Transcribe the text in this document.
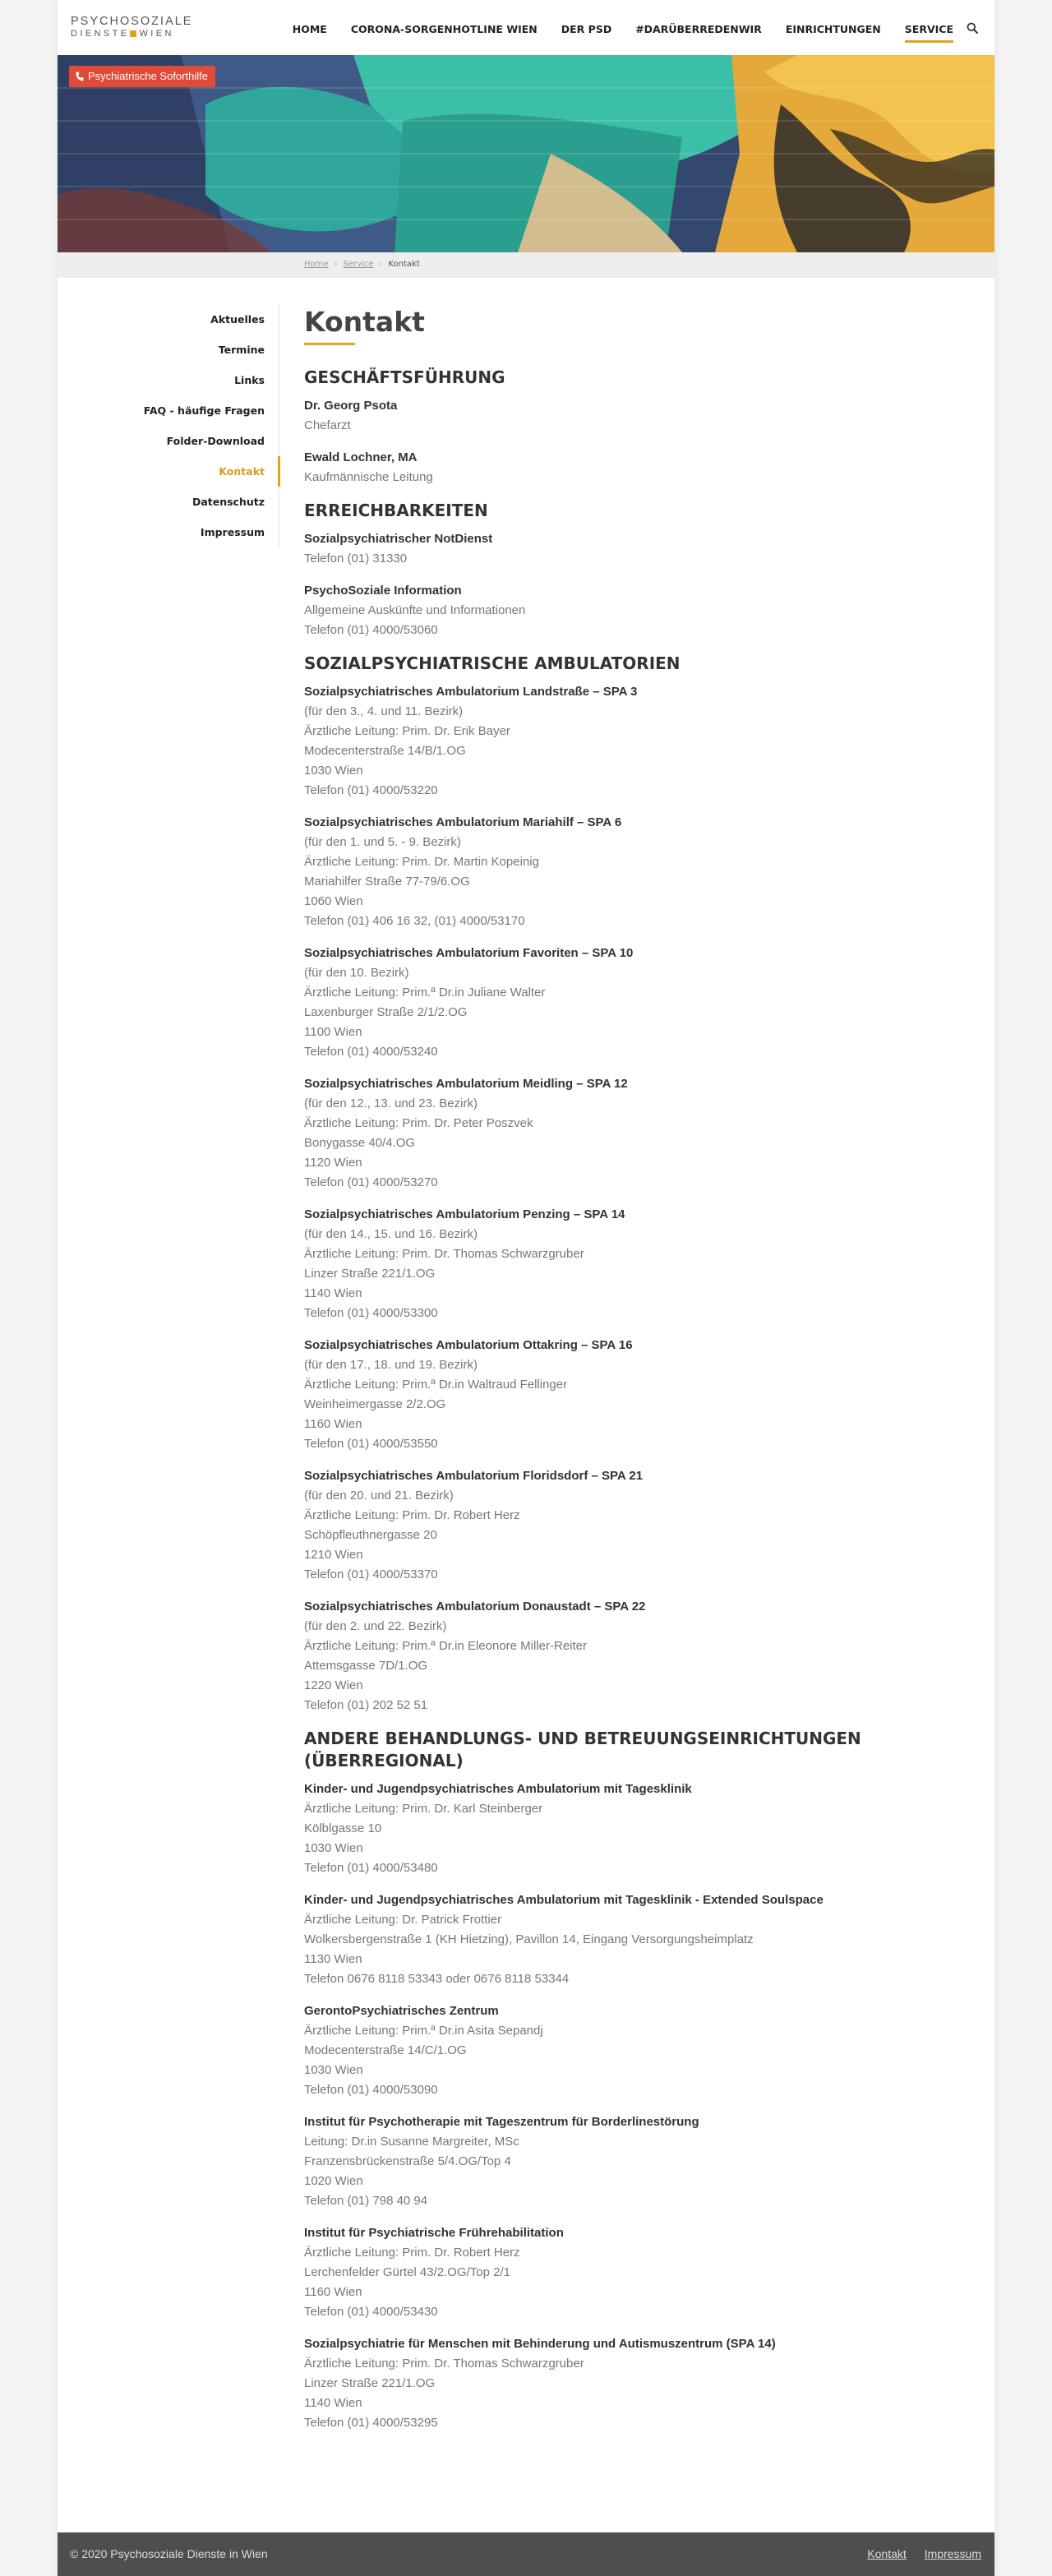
PSYCHOSOZIALE
DIENSTE WIEN	HOME CORONA-SORGENHOTLINE WIEN DER PSD #DARÜBERREDENWIR EINRICHTUNGEN SERVICE
Psychiatrische Soforthilfe
Home › Service › Kontakt
Aktuelles
Termine
Links
FAQ - häufige Fragen
Folder-Download
Kontakt
Datenschutz
Impressum
Kontakt
GESCHÄFTSFÜHRUNG
Dr. Georg Psota
Chefarzt
Ewald Lochner, MA
Kaufmännische Leitung
ERREICHBARKEITEN
Sozialpsychiatrischer NotDienst
Telefon (01) 31330
PsychoSoziale Information
Allgemeine Auskünfte und Informationen
Telefon (01) 4000/53060
SOZIALPSYCHIATRISCHE AMBULATORIEN
Sozialpsychiatrisches Ambulatorium Landstraße – SPA 3
(für den 3., 4. und 11. Bezirk)
Ärztliche Leitung: Prim. Dr. Erik Bayer
Modecenterstraße 14/B/1.OG
1030 Wien
Telefon (01) 4000/53220
Sozialpsychiatrisches Ambulatorium Mariahilf – SPA 6
(für den 1. und 5. - 9. Bezirk)
Ärztliche Leitung: Prim. Dr. Martin Kopeinig
Mariahilfer Straße 77-79/6.OG
1060 Wien
Telefon (01) 406 16 32, (01) 4000/53170
Sozialpsychiatrisches Ambulatorium Favoriten – SPA 10
(für den 10. Bezirk)
Ärztliche Leitung: Prim.ª Dr.in Juliane Walter
Laxenburger Straße 2/1/2.OG
1100 Wien
Telefon (01) 4000/53240
Sozialpsychiatrisches Ambulatorium Meidling – SPA 12
(für den 12., 13. und 23. Bezirk)
Ärztliche Leitung: Prim. Dr. Peter Poszvek
Bonygasse 40/4.OG
1120 Wien
Telefon (01) 4000/53270
Sozialpsychiatrisches Ambulatorium Penzing – SPA 14
(für den 14., 15. und 16. Bezirk)
Ärztliche Leitung: Prim. Dr. Thomas Schwarzgruber
Linzer Straße 221/1.OG
1140 Wien
Telefon (01) 4000/53300
Sozialpsychiatrisches Ambulatorium Ottakring – SPA 16
(für den 17., 18. und 19. Bezirk)
Ärztliche Leitung: Prim.ª Dr.in Waltraud Fellinger
Weinheimergasse 2/2.OG
1160 Wien
Telefon (01) 4000/53550
Sozialpsychiatrisches Ambulatorium Floridsdorf – SPA 21
(für den 20. und 21. Bezirk)
Ärztliche Leitung: Prim. Dr. Robert Herz
Schöpfleuthnergasse 20
1210 Wien
Telefon (01) 4000/53370
Sozialpsychiatrisches Ambulatorium Donaustadt – SPA 22
(für den 2. und 22. Bezirk)
Ärztliche Leitung: Prim.ª Dr.in Eleonore Miller-Reiter
Attemsgasse 7D/1.OG
1220 Wien
Telefon (01) 202 52 51
ANDERE BEHANDLUNGS- UND BETREUUNGSEINRICHTUNGEN (ÜBERREGIONAL)
Kinder- und Jugendpsychiatrisches Ambulatorium mit Tagesklinik
Ärztliche Leitung: Prim. Dr. Karl Steinberger
Kölblgasse 10
1030 Wien
Telefon (01) 4000/53480
Kinder- und Jugendpsychiatrisches Ambulatorium mit Tagesklinik - Extended Soulspace
Ärztliche Leitung: Dr. Patrick Frottier
Wolkersbergenstraße 1 (KH Hietzing), Pavillon 14, Eingang Versorgungsheimplatz
1130 Wien
Telefon 0676 8118 53343 oder 0676 8118 53344
GerontoPsychiatrisches Zentrum
Ärztliche Leitung: Prim.ª Dr.in Asita Sepandj
Modecenterstraße 14/C/1.OG
1030 Wien
Telefon (01) 4000/53090
Institut für Psychotherapie mit Tageszentrum für Borderlinestörung
Leitung: Dr.in Susanne Margreiter, MSc
Franzensbrückenstraße 5/4.OG/Top 4
1020 Wien
Telefon (01) 798 40 94
Institut für Psychiatrische Frührehabilitation
Ärztliche Leitung: Prim. Dr. Robert Herz
Lerchenfelder Gürtel 43/2.OG/Top 2/1
1160 Wien
Telefon (01) 4000/53430
Sozialpsychiatrie für Menschen mit Behinderung und Autismuszentrum (SPA 14)
Ärztliche Leitung: Prim. Dr. Thomas Schwarzgruber
Linzer Straße 221/1.OG
1140 Wien
Telefon (01) 4000/53295
© 2020 Psychosoziale Dienste in Wien	Kontakt Impressum
